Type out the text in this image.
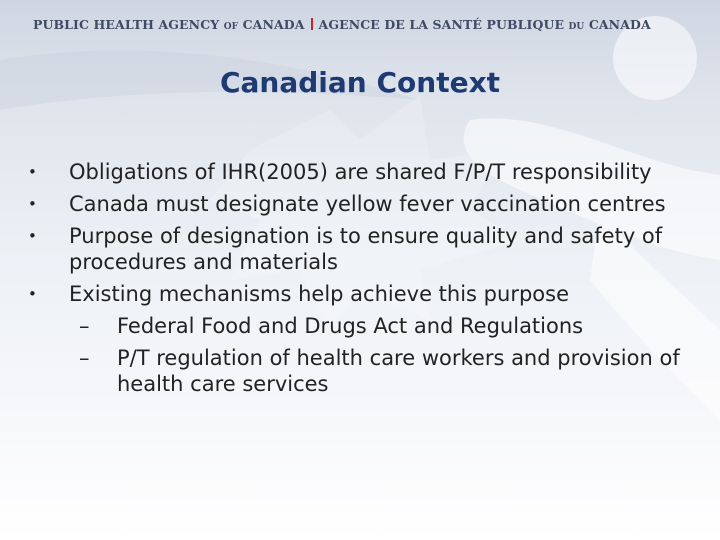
PUBLIC HEALTH AGENCY of CANADA AGENCE DE LA SANTÉ PUBLIQUE du CANADA
Canadian Context
• Obligations of IHR(2005) are shared F/P/T responsibility
• Canada must designate yellow fever vaccination centres
• Purpose of designation is to ensure quality and safety of procedures and materials
• Existing mechanisms help achieve this purpose
– Federal Food and Drugs Act and Regulations
– P/T regulation of health care workers and provision of health care services
